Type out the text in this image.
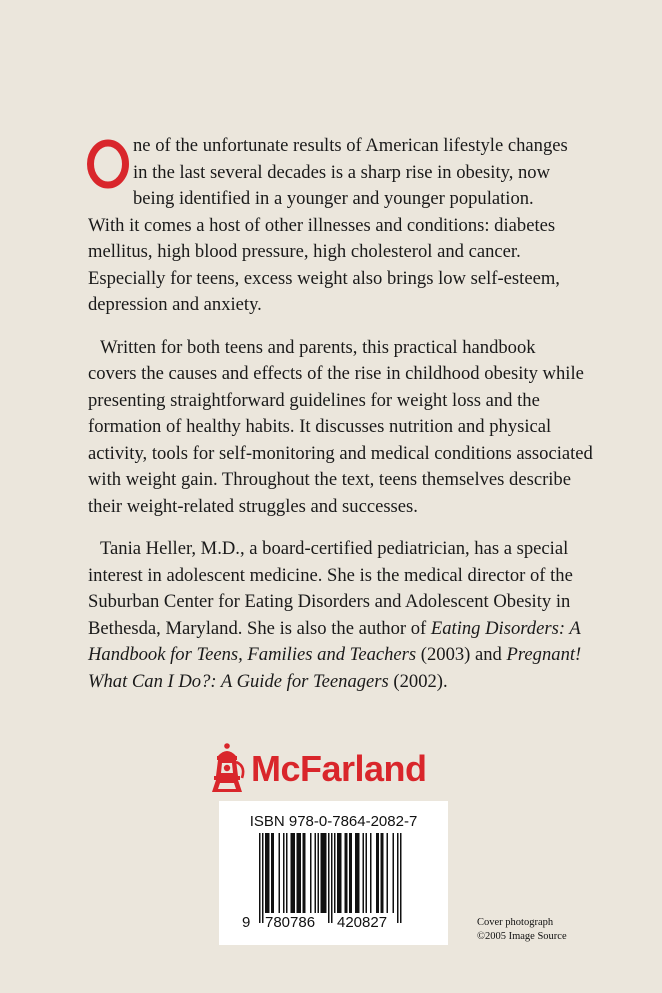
ne of the unfortunate results of American lifestyle changes
in the last several decades is a sharp rise in obesity, now
being identified in a younger and younger population.
With it comes a host of other illnesses and conditions: diabetes
mellitus, high blood pressure, high cholesterol and cancer.
Especially for teens, excess weight also brings low self-esteem,
depression and anxiety.

Written for both teens and parents, this practical handbook
covers the causes and effects of the rise in childhood obesity while
presenting straightforward guidelines for weight loss and the
formation of healthy habits. It discusses nutrition and physical
activity, tools for self-monitoring and medical conditions associated
with weight gain. Throughout the text, teens themselves describe
their weight-related struggles and successes.

Tania Heller, M.D., a board-certified pediatrician, has a special
interest in adolescent medicine. She is the medical director of the
Suburban Center for Eating Disorders and Adolescent Obesity in
Bethesda, Maryland. She is also the author of Eating Disorders: A
Handbook for Teens, Families and Teachers (2003) and Pregnant!
What Can I Do?: A Guide for Teenagers (2002).

McFarland
ISBN 978-0-7864-2082-7
9 780786 420827	Cover photograph
©2005 Image Source
